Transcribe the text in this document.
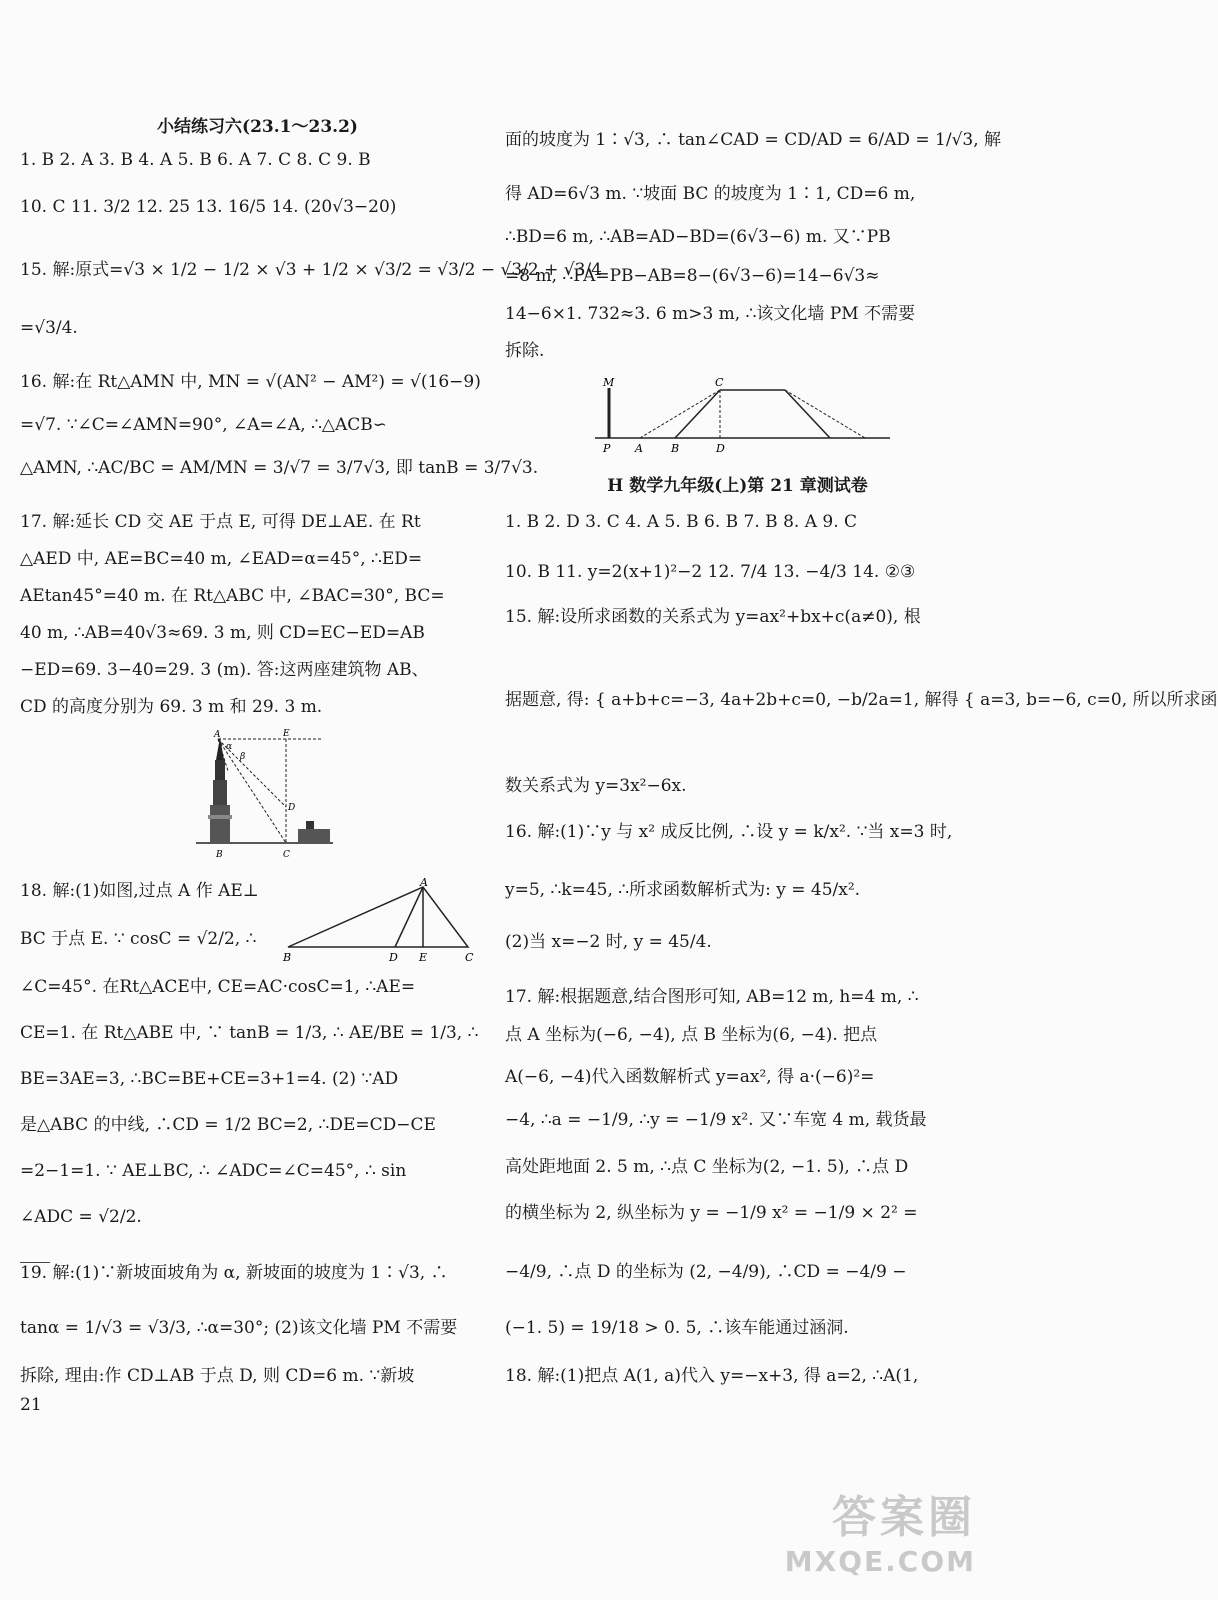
小结练习六(23.1～23.2)
1. B 2. A 3. B 4. A 5. B 6. A 7. C 8. C 9. B
10. C 11. 3/2 12. 25 13. 16/5 14. (20√3−20)
15. 解:原式=√3 × 1/2 − 1/2 × √3 + 1/2 × √3/2 = √3/2 − √3/2 + √3/4
=√3/4.
16. 解:在 Rt△AMN 中, MN = √(AN² − AM²) = √(16−9)
=√7. ∵∠C=∠AMN=90°, ∠A=∠A, ∴△ACB∽
△AMN, ∴AC/BC = AM/MN = 3/√7 = 3/7√3, 即 tanB = 3/7√3.
17. 解:延长 CD 交 AE 于点 E, 可得 DE⊥AE. 在 Rt
△AED 中, AE=BC=40 m, ∠EAD=α=45°, ∴ED=
AEtan45°=40 m. 在 Rt△ABC 中, ∠BAC=30°, BC=
40 m, ∴AB=40√3≈69. 3 m, 则 CD=EC−ED=AB
−ED=69. 3−40=29. 3 (m). 答:这两座建筑物 AB、
CD 的高度分别为 69. 3 m 和 29. 3 m.
A	E
α
β
D
B	C
18. 解:(1)如图,过点 A 作 AE⊥
BC 于点 E. ∵ cosC = √2/2, ∴
A
B	D E	C
∠C=45°. 在Rt△ACE中, CE=AC·cosC=1, ∴AE=
CE=1. 在 Rt△ABE 中, ∵ tanB = 1/3, ∴ AE/BE = 1/3, ∴
BE=3AE=3, ∴BC=BE+CE=3+1=4. (2) ∵AD
是△ABC 的中线, ∴CD = 1/2 BC=2, ∴DE=CD−CE
=2−1=1. ∵ AE⊥BC, ∴ ∠ADC=∠C=45°, ∴ sin
∠ADC = √2/2.
19. 解:(1)∵新坡面坡角为 α, 新坡面的坡度为 1∶√3, ∴
tanα = 1/√3 = √3/3, ∴α=30°; (2)该文化墙 PM 不需要
拆除, 理由:作 CD⊥AB 于点 D, 则 CD=6 m. ∵新坡
21
面的坡度为 1∶√3, ∴ tan∠CAD = CD/AD = 6/AD = 1/√3, 解
得 AD=6√3 m. ∵坡面 BC 的坡度为 1∶1, CD=6 m,
∴BD=6 m, ∴AB=AD−BD=(6√3−6) m. 又∵PB
=8 m, ∴PA=PB−AB=8−(6√3−6)=14−6√3≈
14−6×1. 732≈3. 6 m>3 m, ∴该文化墙 PM 不需要
拆除.
M	C
P A	B	D
H 数学九年级(上)第 21 章测试卷
1. B 2. D 3. C 4. A 5. B 6. B 7. B 8. A 9. C
10. B 11. y=2(x+1)²−2 12. 7/4 13. −4/3 14. ②③
15. 解:设所求函数的关系式为 y=ax²+bx+c(a≠0), 根
据题意, 得: { a+b+c=−3, 4a+2b+c=0, −b/2a=1, 解得 { a=3, b=−6, c=0, 所以所求函
数关系式为 y=3x²−6x.
16. 解:(1)∵y 与 x² 成反比例, ∴设 y = k/x². ∵当 x=3 时,
y=5, ∴k=45, ∴所求函数解析式为: y = 45/x².
(2)当 x=−2 时, y = 45/4.
17. 解:根据题意,结合图形可知, AB=12 m, h=4 m, ∴
点 A 坐标为(−6, −4), 点 B 坐标为(6, −4). 把点
A(−6, −4)代入函数解析式 y=ax², 得 a·(−6)²=
−4, ∴a = −1/9, ∴y = −1/9 x². 又∵车宽 4 m, 载货最
高处距地面 2. 5 m, ∴点 C 坐标为(2, −1. 5), ∴点 D
的横坐标为 2, 纵坐标为 y = −1/9 x² = −1/9 × 2² =
−4/9, ∴点 D 的坐标为 (2, −4/9), ∴CD = −4/9 −
(−1. 5) = 19/18 > 0. 5, ∴该车能通过涵洞.
18. 解:(1)把点 A(1, a)代入 y=−x+3, 得 a=2, ∴A(1,
答案圈
MXQE.COM
